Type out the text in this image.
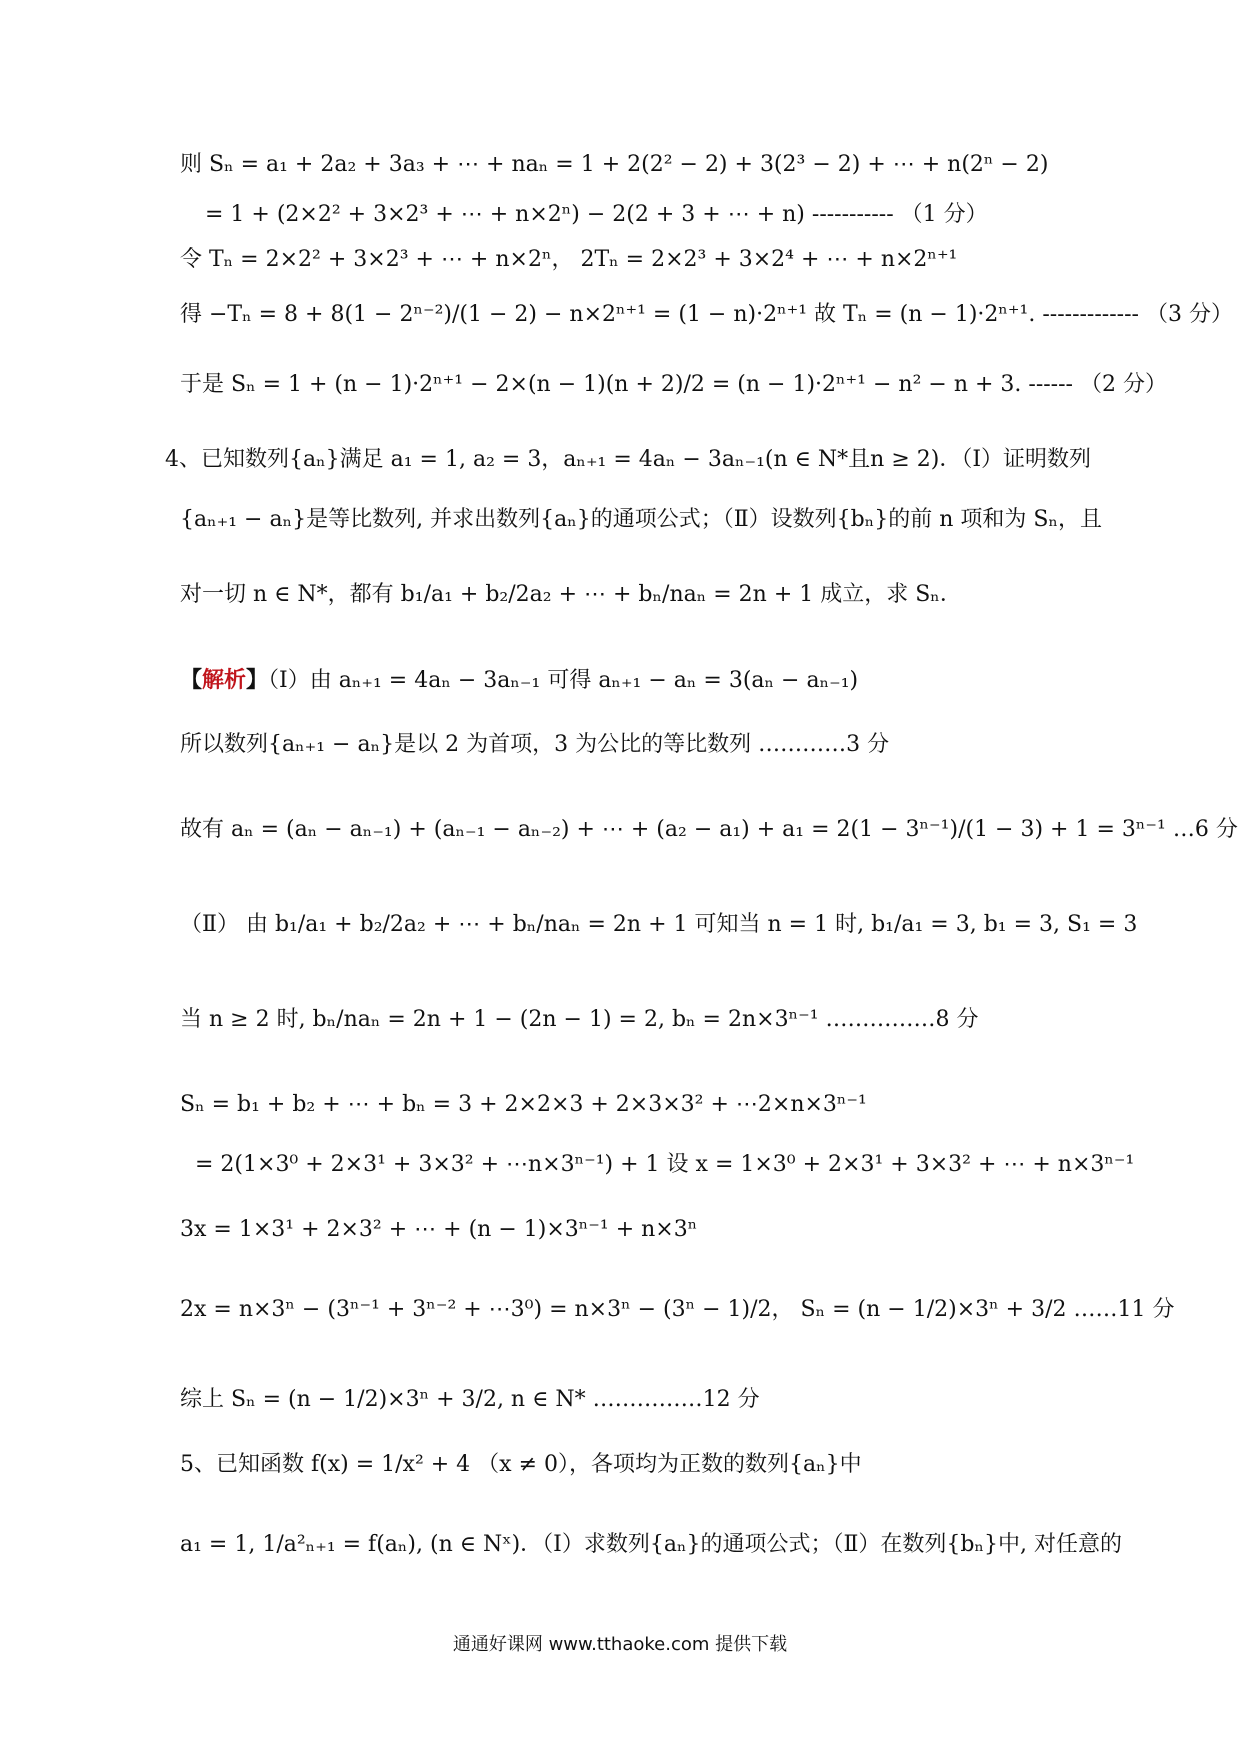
则 Sₙ = a₁ + 2a₂ + 3a₃ + ⋯ + naₙ = 1 + 2(2² − 2) + 3(2³ − 2) + ⋯ + n(2ⁿ − 2)
= 1 + (2×2² + 3×2³ + ⋯ + n×2ⁿ) − 2(2 + 3 + ⋯ + n) ----------- （1 分）
令 Tₙ = 2×2² + 3×2³ + ⋯ + n×2ⁿ， 2Tₙ = 2×2³ + 3×2⁴ + ⋯ + n×2ⁿ⁺¹
得 −Tₙ = 8 + 8(1 − 2ⁿ⁻²)/(1 − 2) − n×2ⁿ⁺¹ = (1 − n)·2ⁿ⁺¹ 故 Tₙ = (n − 1)·2ⁿ⁺¹. ------------- （3 分）
于是 Sₙ = 1 + (n − 1)·2ⁿ⁺¹ − 2×(n − 1)(n + 2)/2 = (n − 1)·2ⁿ⁺¹ − n² − n + 3. ------ （2 分）
4、已知数列{aₙ}满足 a₁ = 1, a₂ = 3，aₙ₊₁ = 4aₙ − 3aₙ₋₁(n ∈ N*且n ≥ 2)．（Ⅰ）证明数列
{aₙ₊₁ − aₙ}是等比数列, 并求出数列{aₙ}的通项公式；（Ⅱ）设数列{bₙ}的前 n 项和为 Sₙ，且
对一切 n ∈ N*，都有 b₁/a₁ + b₂/2a₂ + ⋯ + bₙ/naₙ = 2n + 1 成立，求 Sₙ．
【解析】（Ⅰ）由 aₙ₊₁ = 4aₙ − 3aₙ₋₁ 可得 aₙ₊₁ − aₙ = 3(aₙ − aₙ₋₁)
所以数列{aₙ₊₁ − aₙ}是以 2 为首项，3 为公比的等比数列 …………3 分
故有 aₙ = (aₙ − aₙ₋₁) + (aₙ₋₁ − aₙ₋₂) + ⋯ + (a₂ − a₁) + a₁ = 2(1 − 3ⁿ⁻¹)/(1 − 3) + 1 = 3ⁿ⁻¹ …6 分
（Ⅱ） 由 b₁/a₁ + b₂/2a₂ + ⋯ + bₙ/naₙ = 2n + 1 可知当 n = 1 时, b₁/a₁ = 3, b₁ = 3, S₁ = 3
当 n ≥ 2 时, bₙ/naₙ = 2n + 1 − (2n − 1) = 2, bₙ = 2n×3ⁿ⁻¹ ……………8 分
Sₙ = b₁ + b₂ + ⋯ + bₙ = 3 + 2×2×3 + 2×3×3² + ⋯2×n×3ⁿ⁻¹
= 2(1×3⁰ + 2×3¹ + 3×3² + ⋯n×3ⁿ⁻¹) + 1 设 x = 1×3⁰ + 2×3¹ + 3×3² + ⋯ + n×3ⁿ⁻¹
3x = 1×3¹ + 2×3² + ⋯ + (n − 1)×3ⁿ⁻¹ + n×3ⁿ
2x = n×3ⁿ − (3ⁿ⁻¹ + 3ⁿ⁻² + ⋯3⁰) = n×3ⁿ − (3ⁿ − 1)/2， Sₙ = (n − 1/2)×3ⁿ + 3/2 ……11 分
综上 Sₙ = (n − 1/2)×3ⁿ + 3/2, n ∈ N* ……………12 分
5、已知函数 f(x) = 1/x² + 4 （x ≠ 0），各项均为正数的数列{aₙ}中
a₁ = 1, 1/a²ₙ₊₁ = f(aₙ), (n ∈ Nˣ)．（Ⅰ）求数列{aₙ}的通项公式；（Ⅱ）在数列{bₙ}中, 对任意的
通通好课网 www.tthaoke.com 提供下载
